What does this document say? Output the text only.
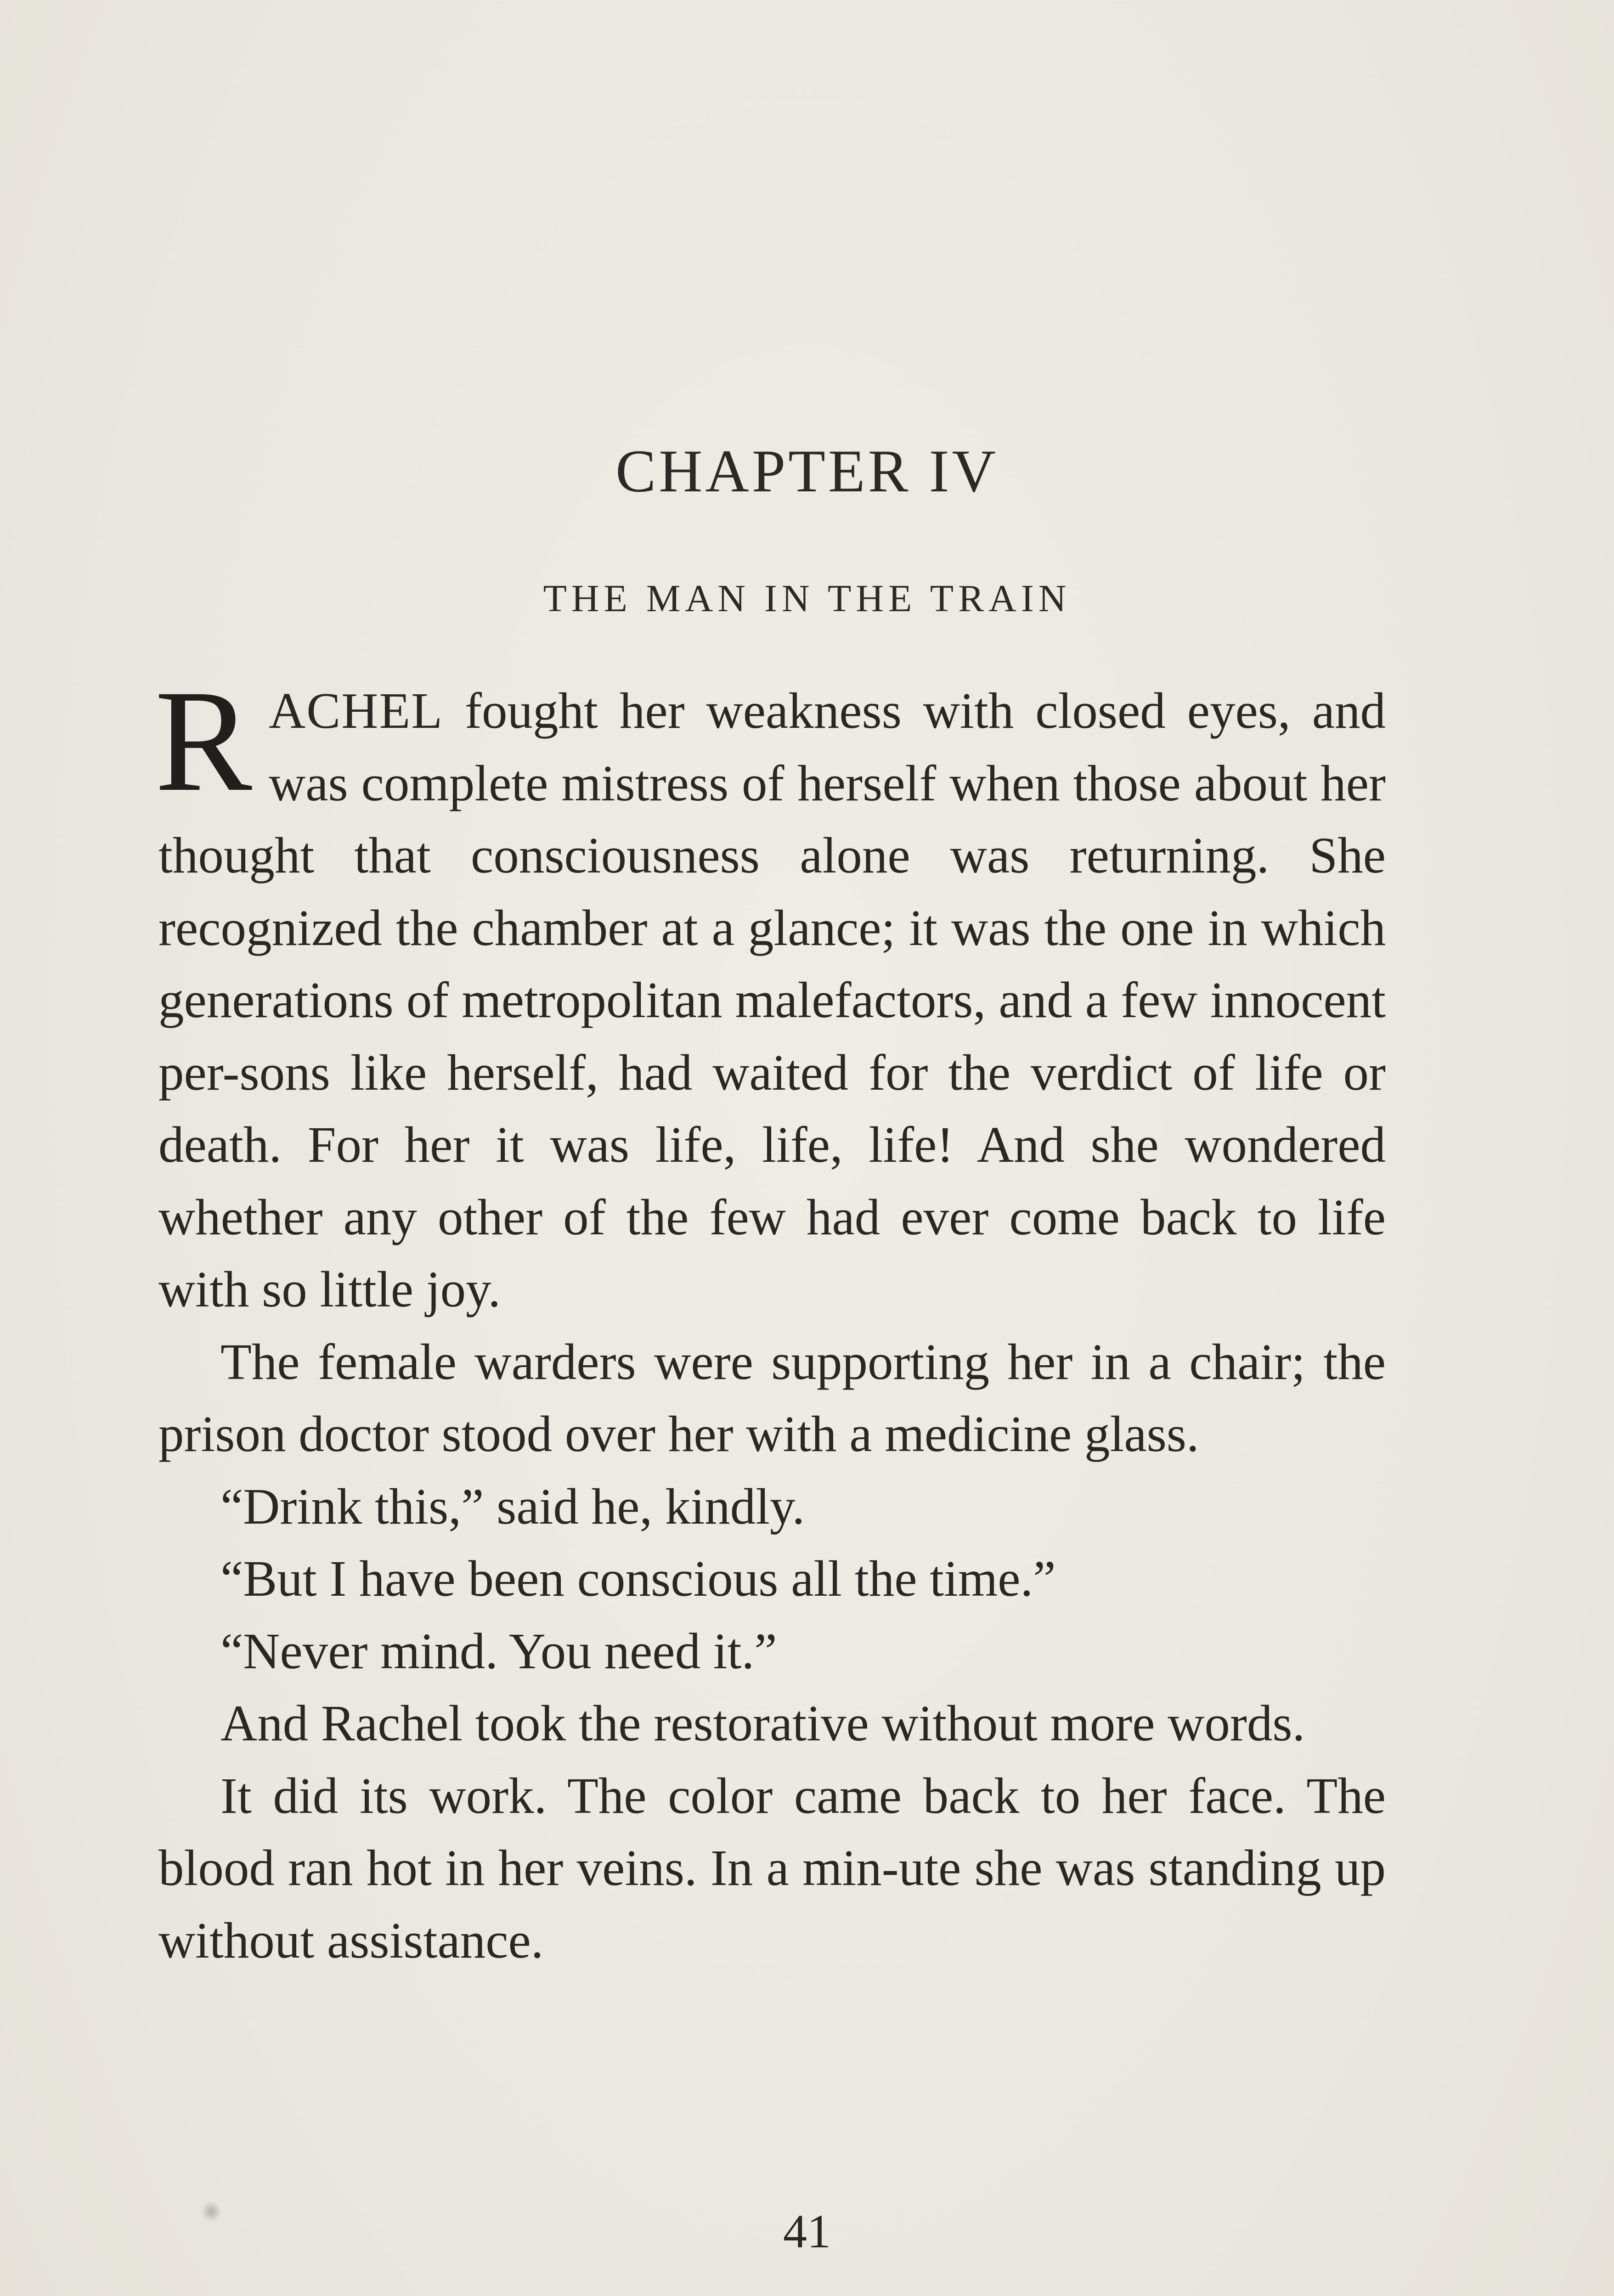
CHAPTER IV
THE MAN IN THE TRAIN

RACHEL fought her weakness with closed eyes, and was complete mistress of herself when those about her thought that consciousness alone was returning. She recognized the chamber at a glance; it was the one in which generations of metropolitan malefactors, and a few innocent per-sons like herself, had waited for the verdict of life or death. For her it was life, life, life! And she wondered whether any other of the few had ever come back to life with so little joy.

The female warders were supporting her in a chair; the prison doctor stood over her with a medicine glass.

“Drink this,” said he, kindly.

“But I have been conscious all the time.”

“Never mind. You need it.”

And Rachel took the restorative without more words.

It did its work. The color came back to her face. The blood ran hot in her veins. In a min-ute she was standing up without assistance.

41
